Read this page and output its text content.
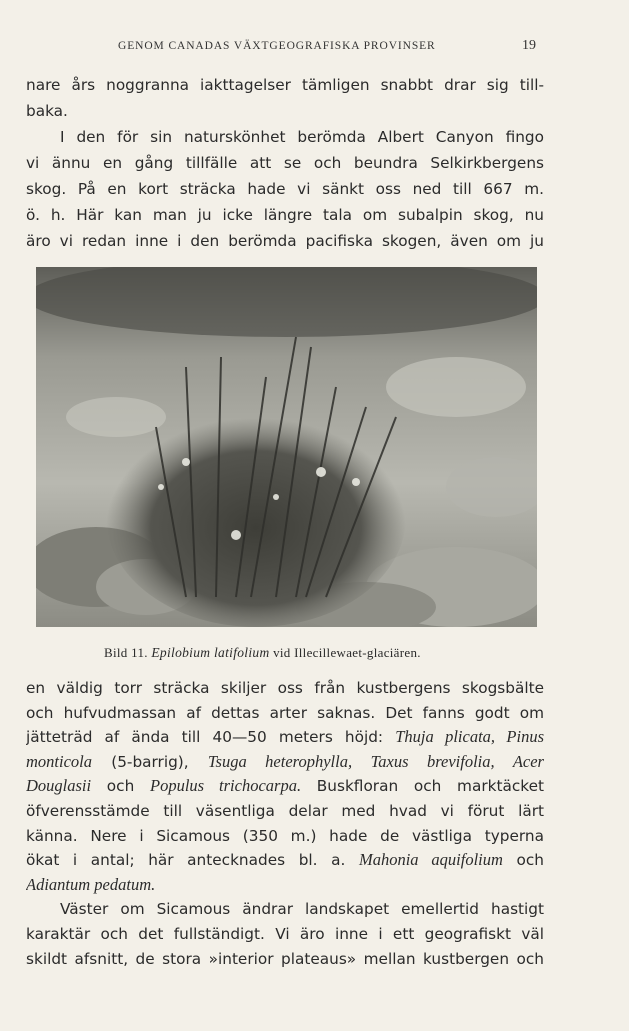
GENOM CANADAS VÄXTGEOGRAFISKA PROVINSER	19
nare års noggranna iakttagelser tämligen snabbt drar sig till-
baka.
I den för sin naturskönhet berömda Albert Canyon fingo
vi ännu en gång tillfälle att se och beundra Selkirkbergens
skog. På en kort sträcka hade vi sänkt oss ned till 667 m.
ö. h. Här kan man ju icke längre tala om subalpin skog, nu
äro vi redan inne i den berömda pacifiska skogen, även om ju
Bild 11. Epilobium latifolium vid Illecillewaet-glaciären.
en väldig torr sträcka skiljer oss från kustbergens skogsbälte
och hufvudmassan af dettas arter saknas. Det fanns godt om
jätteträd af ända till 40—50 meters höjd: Thuja plicata, Pinus
monticola (5-barrig), Tsuga heterophylla, Taxus brevifolia, Acer
Douglasii och Populus trichocarpa. Buskfloran och marktäcket
öfverensstämde till väsentliga delar med hvad vi förut lärt
känna. Nere i Sicamous (350 m.) hade de västliga typerna
ökat i antal; här antecknades bl. a. Mahonia aquifolium och
Adiantum pedatum.
Väster om Sicamous ändrar landskapet emellertid hastigt
karaktär och det fullständigt. Vi äro inne i ett geografiskt väl
skildt afsnitt, de stora »interior plateaus» mellan kustbergen och
